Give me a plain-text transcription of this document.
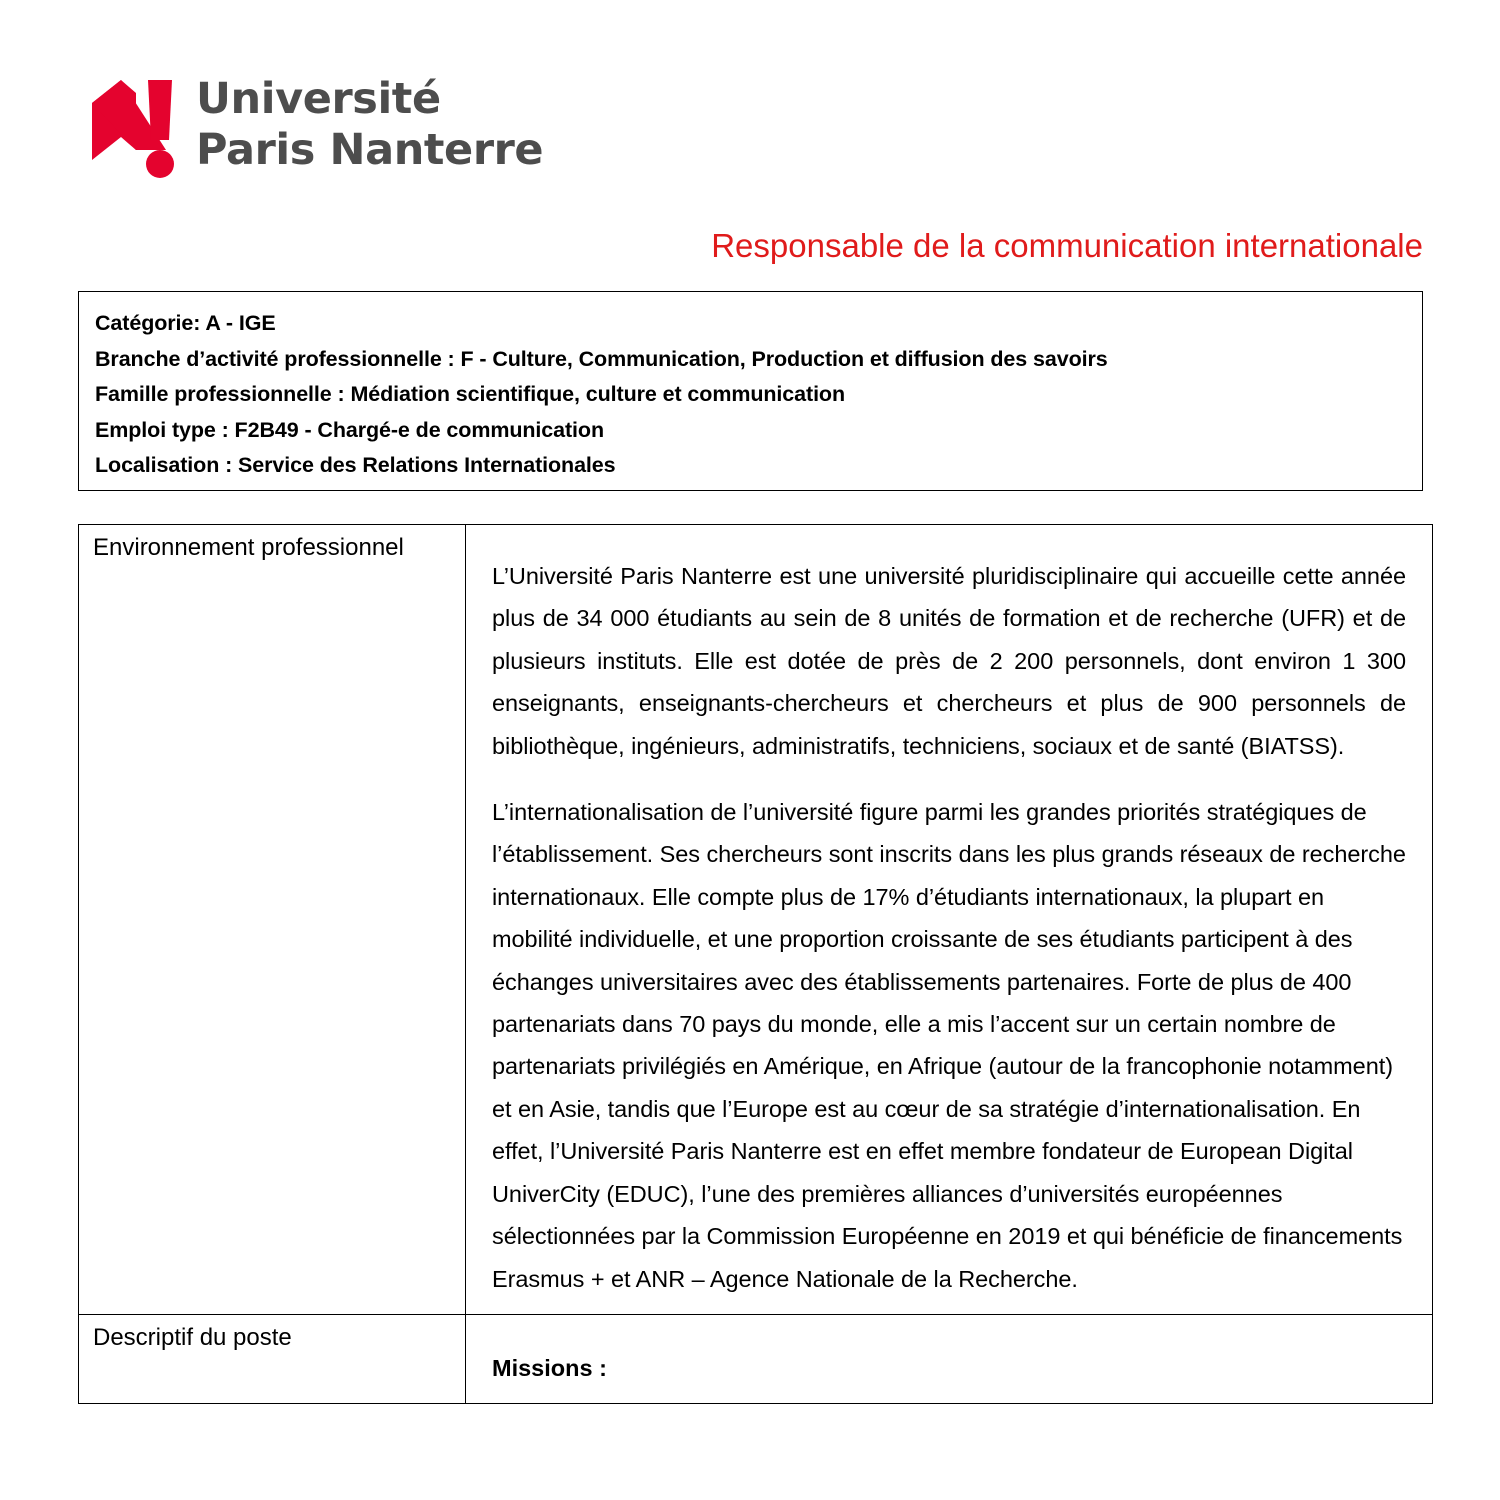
Université
Paris Nanterre
Responsable de la communication internationale
Catégorie: A - IGE
Branche d’activité professionnelle : F - Culture, Communication, Production et diffusion des savoirs
Famille professionnelle : Médiation scientifique, culture et communication
Emploi type : F2B49 - Chargé-e de communication
Localisation : Service des Relations Internationales
Environnement professionnel	L’Université Paris Nanterre est une université pluridisciplinaire qui accueille cette année plus de 34 000 étudiants au sein de 8 unités de formation et de recherche (UFR) et de plusieurs instituts. Elle est dotée de près de 2 200 personnels, dont environ 1 300 enseignants, enseignants-chercheurs et chercheurs et plus de 900 personnels de bibliothèque, ingénieurs, administratifs, techniciens, sociaux et de santé (BIATSS).

L’internationalisation de l’université figure parmi les grandes priorités stratégiques de l’établissement. Ses chercheurs sont inscrits dans les plus grands réseaux de recherche internationaux. Elle compte plus de 17% d’étudiants internationaux, la plupart en mobilité individuelle, et une proportion croissante de ses étudiants participent à des échanges universitaires avec des établissements partenaires. Forte de plus de 400 partenariats dans 70 pays du monde, elle a mis l’accent sur un certain nombre de partenariats privilégiés en Amérique, en Afrique (autour de la francophonie notamment) et en Asie, tandis que l’Europe est au cœur de sa stratégie d’internationalisation. En effet, l’Université Paris Nanterre est en effet membre fondateur de European Digital UniverCity (EDUC), l’une des premières alliances d’universités européennes sélectionnées par la Commission Européenne en 2019 et qui bénéficie de financements Erasmus + et ANR – Agence Nationale de la Recherche.

Descriptif du poste	Missions :
